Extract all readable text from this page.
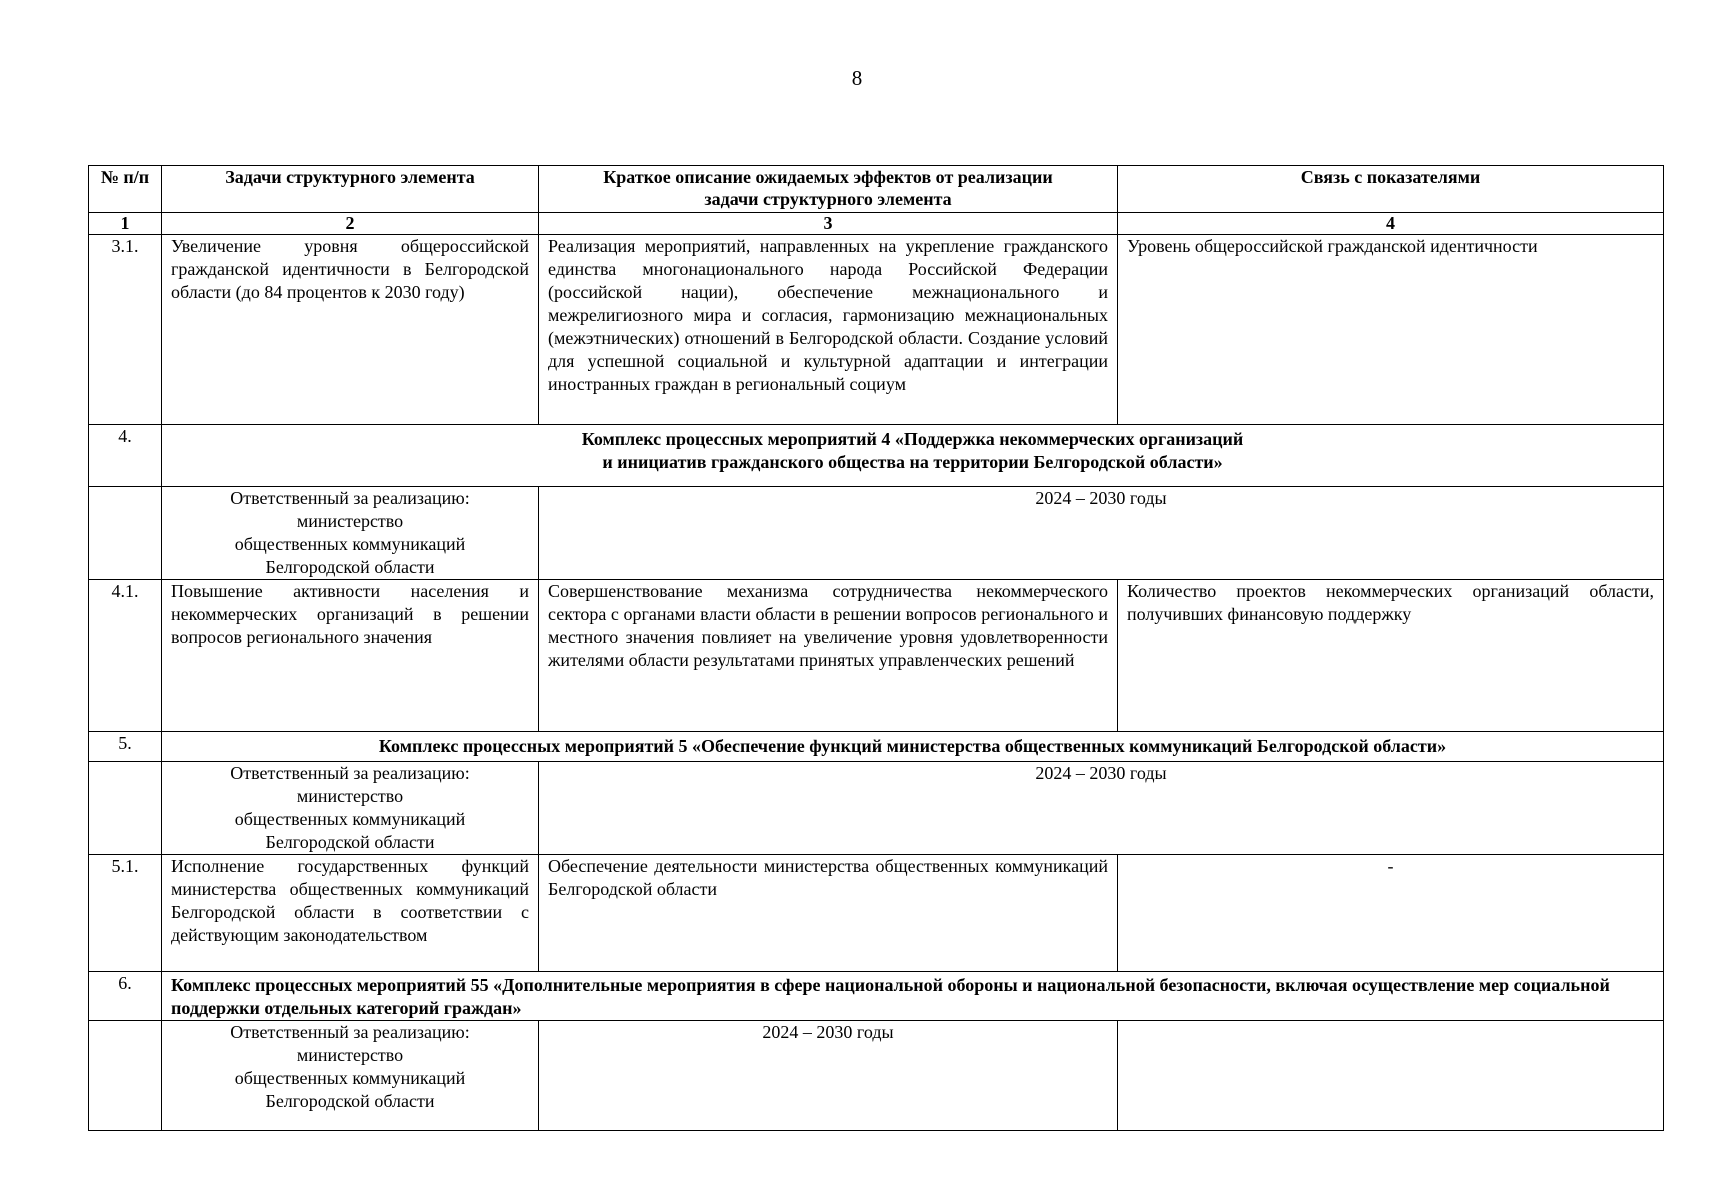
8
№ п/п	Задачи структурного элемента	Краткое описание ожидаемых эффектов от реализации задачи структурного элемента	Связь с показателями
1	2	3	4
3.1.	Увеличение уровня общероссийской гражданской идентичности в Белгородской области (до 84 процентов к 2030 году)	Реализация мероприятий, направленных на укрепление гражданского единства многонационального народа Российской Федерации (российской нации), обеспечение межнационального и межрелигиозного мира и согласия, гармонизацию межнациональных (межэтнических) отношений в Белгородской области. Создание условий для успешной социальной и культурной адаптации и интеграции иностранных граждан в региональный социум	Уровень общероссийской гражданской идентичности
4.	Комплекс процессных мероприятий 4 «Поддержка некоммерческих организаций
и инициатив гражданского общества на территории Белгородской области»		

	Ответственный за реализацию:
министерство
общественных коммуникаций
Белгородской области	2024 – 2030 годы	
4.1.	Повышение активности населения и некоммерческих организаций в решении вопросов регионального значения	Совершенствование механизма сотрудничества некоммерческого сектора с органами власти области в решении вопросов регионального и местного значения повлияет на увеличение уровня удовлетворенности жителями области результатами принятых управленческих решений	Количество проектов некоммерческих организаций области, получивших финансовую поддержку
5.	Комплекс процессных мероприятий 5 «Обеспечение функций министерства общественных коммуникаций Белгородской области»		

	Ответственный за реализацию:
министерство
общественных коммуникаций
Белгородской области	2024 – 2030 годы	
5.1.	Исполнение государственных функций министерства общественных коммуникаций Белгородской области в соответствии с действующим законодательством	Обеспечение деятельности министерства общественных коммуникаций Белгородской области	-
6.	Комплекс процессных мероприятий 55 «Дополнительные мероприятия в сфере национальной обороны и национальной безопасности, включая осуществление мер социальной поддержки отдельных категорий граждан»		

	Ответственный за реализацию:
министерство
общественных коммуникаций
Белгородской области	2024 – 2030 годы	
